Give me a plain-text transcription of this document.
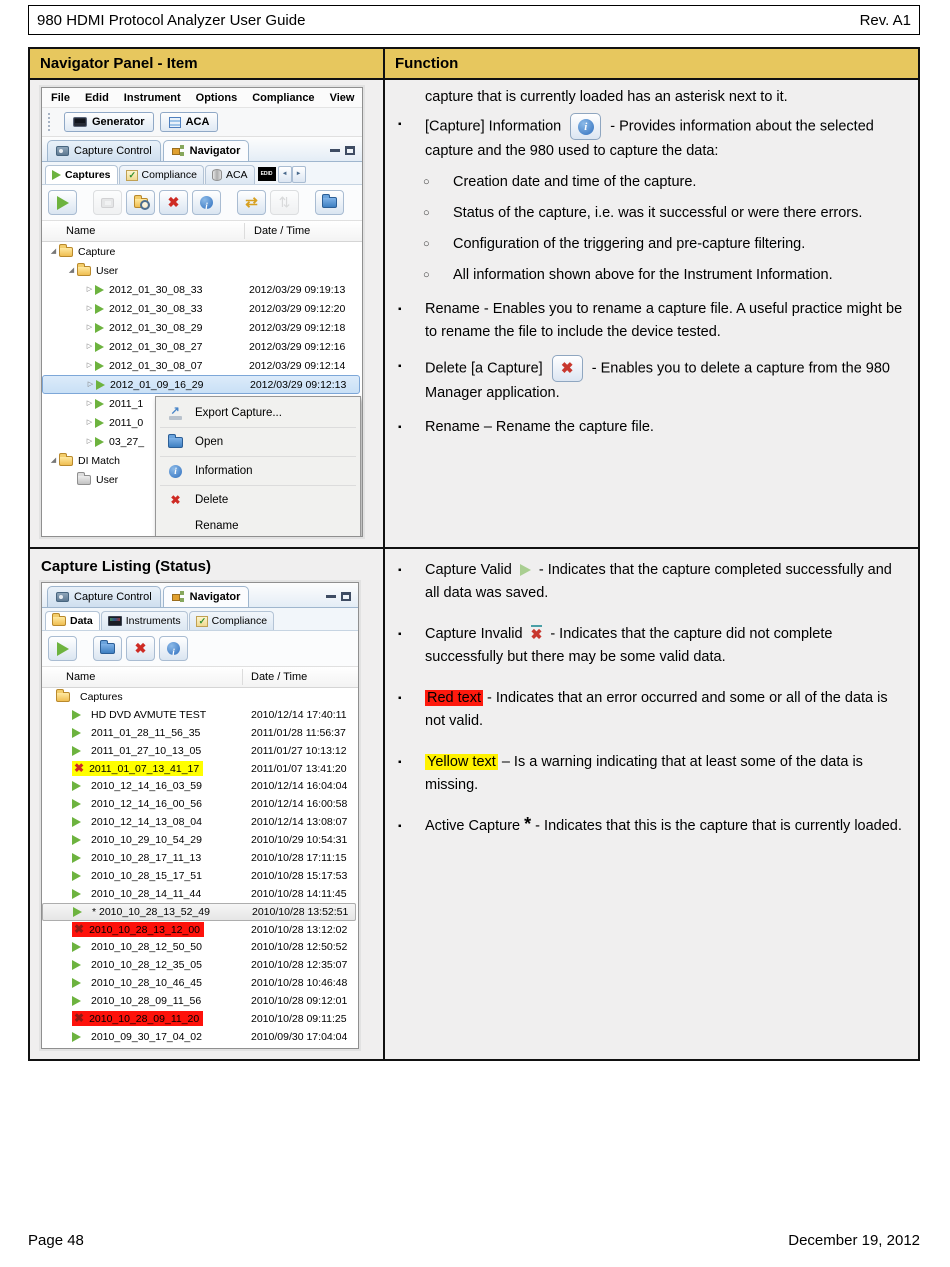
980 HDMI Protocol Analyzer User Guide	Rev. A1
Navigator Panel - Item	Function
File Edid Instrument Options Compliance View
Generator	ACA
Capture Control	Navigator
Captures ✓	Compliance	ACA	EDID	◄	►
✖
i
⇄
⇅
Name	Date / Time
◢ Capture
◢ User
▷ 2012_01_30_08_33	2012/03/29 09:19:13
▷ 2012_01_30_08_33	2012/03/29 09:12:20
▷ 2012_01_30_08_29	2012/03/29 09:12:18
▷ 2012_01_30_08_27	2012/03/29 09:12:16
▷ 2012_01_30_08_07	2012/03/29 09:12:14
▷ 2012_01_09_16_29	2012/03/29 09:12:13
▷ 2011_1
▷ 2011_0
▷ 03_27_
◢ DI Match
User
↗
Export Capture...
Open
i
Information
✖
Delete
Rename
capture that is currently loaded has an asterisk next to it.
▪	[Capture] Information i	- Provides information about the selected capture and the 980 used to capture the data:
○	Creation date and time of the capture.
○	Status of the capture, i.e. was it successful or were there errors.
○	Configuration of the triggering and pre-capture filtering.
○	All information shown above for the Instrument Information.
▪	Rename - Enables you to rename a capture file. A useful practice might be to rename the file to include the device tested.
▪	Delete [a Capture] ✖	- Enables you to delete a capture from the 980 Manager application.
▪	Rename – Rename the capture file.
Capture Listing (Status)
Capture Control	Navigator
Data	Instruments ✓	Compliance
✖
i
Name	Date / Time
Captures
HD DVD AVMUTE TEST	2010/12/14 17:40:11
2011_01_28_11_56_35	2011/01/28 11:56:37
2011_01_27_10_13_05	2011/01/27 10:13:12
✖
2011_01_07_13_41_17	2011/01/07 13:41:20
2010_12_14_16_03_59	2010/12/14 16:04:04
2010_12_14_16_00_56	2010/12/14 16:00:58
2010_12_14_13_08_04	2010/12/14 13:08:07
2010_10_29_10_54_29	2010/10/29 10:54:31
2010_10_28_17_11_13	2010/10/28 17:11:15
2010_10_28_15_17_51	2010/10/28 15:17:53
2010_10_28_14_11_44	2010/10/28 14:11:45
* 2010_10_28_13_52_49	2010/10/28 13:52:51
✖
2010_10_28_13_12_00	2010/10/28 13:12:02
2010_10_28_12_50_50	2010/10/28 12:50:52
2010_10_28_12_35_05	2010/10/28 12:35:07
2010_10_28_10_46_45	2010/10/28 10:46:48
2010_10_28_09_11_56	2010/10/28 09:12:01
✖
2010_10_28_09_11_20	2010/10/28 09:11:25
2010_09_30_17_04_02	2010/09/30 17:04:04
▪	Capture Valid  - Indicates that the capture completed successfully and all data was saved.
▪	Capture Invalid ✖ - Indicates that the capture did not complete successfully but there may be some valid data.
▪	Red text - Indicates that an error occurred and some or all of the data is not valid.
▪	Yellow text – Is a warning indicating that at least some of the data is missing.
▪	Active Capture * - Indicates that this is the capture that is currently loaded.
Page 48	December 19, 2012
